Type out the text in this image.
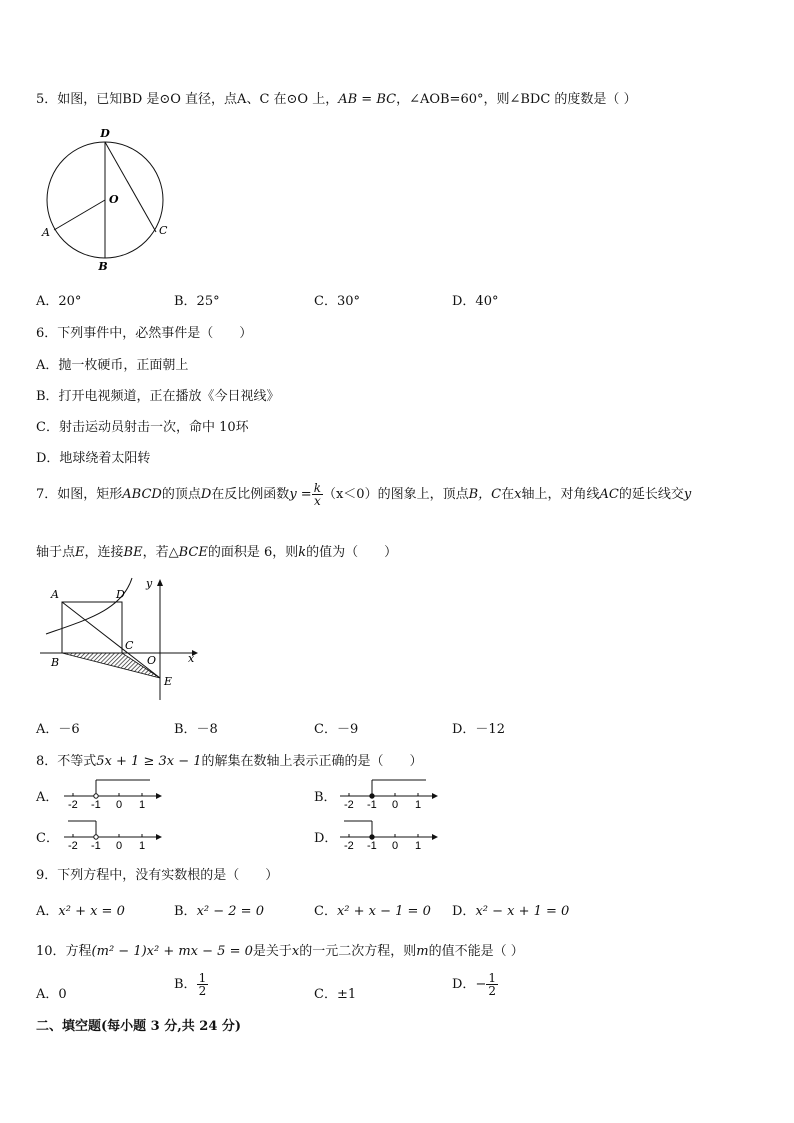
5．如图，已知BD 是⊙O 直径，点A、C 在⊙O 上，AB = BC，∠AOB=60°，则∠BDC 的度数是（ ）
D
O
A	C
B
A．20°	B．25°	C．30°	D．40°
6．下列事件中，必然事件是（　　）
A．抛一枚硬币，正面朝上
B．打开电视频道，正在播放《今日视线》
C．射击运动员射击一次，命中 10环
D．地球绕着太阳转
7．如图，矩形ABCD的顶点D在反比例函数$y = \frac{k}{x} (x<0)$的图象上，顶点B，C在x轴上，对角线AC的延长线交y
轴于点E，连接BE，若△BCE的面积是 6，则k的值为（　　）
A	D
y
C
B	O	x
E
A．－6	B．－8	C．－9	D．－12
8．不等式5x + 1 ≥ 3x − 1的解集在数轴上表示正确的是（　　）
A． -2 -1 0 1	B． -2 -1 0 1
C． -2 -1 0 1	D． -2 -1 0 1
9．下列方程中，没有实数根的是（　　）
A．x² + x = 0	B．x² − 2 = 0	C．x² + x − 1 = 0 D．x² − x + 1 = 0
10．方程(m² − 1)x² + mx − 5 = 0是关于x的一元二次方程，则m的值不能是（ ）
A．0
B． $\frac{1}{2}$	C．±1
D．− $\frac{1}{2}$
二、填空题(每小题 3 分,共 24 分)
